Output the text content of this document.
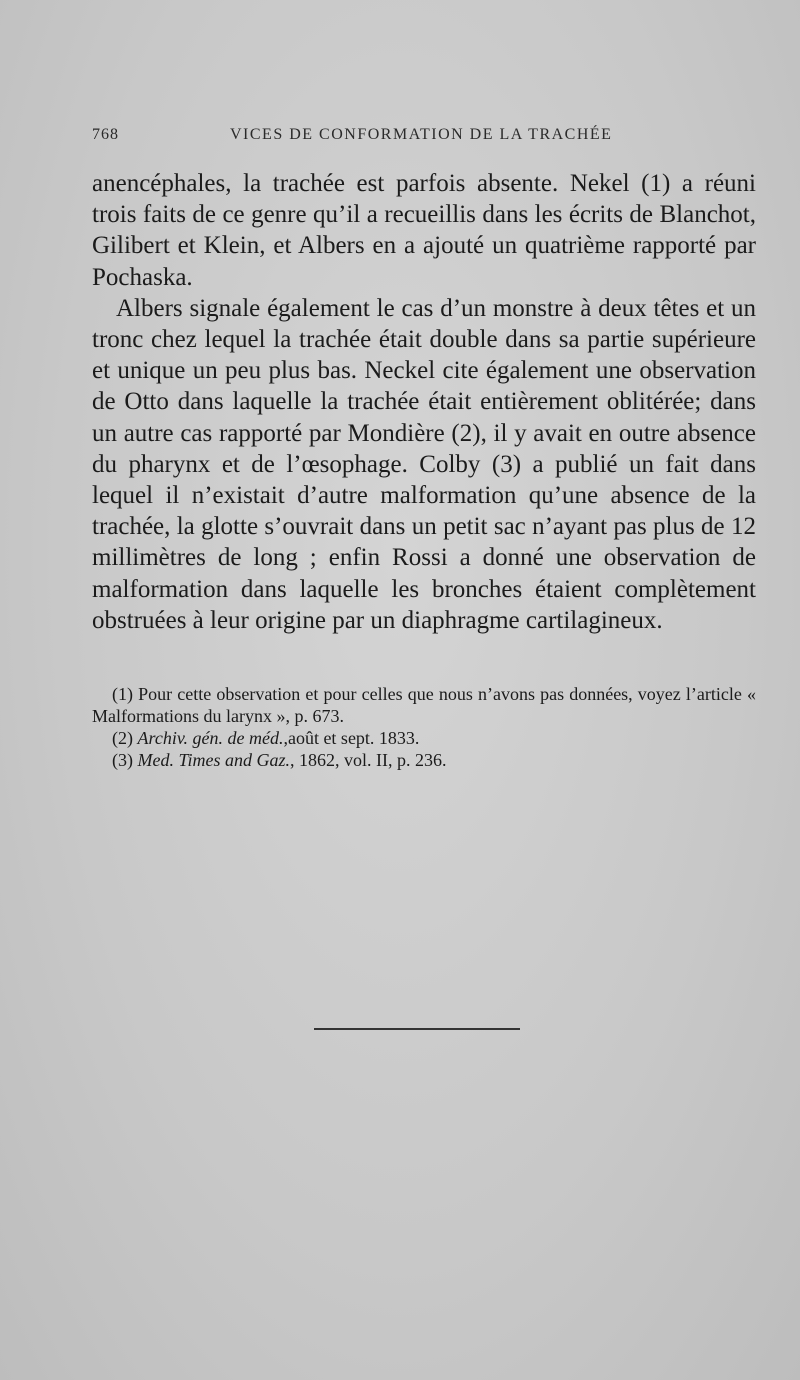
768	VICES DE CONFORMATION DE LA TRACHÉE

anencéphales, la trachée est parfois absente. Nekel (1) a réuni trois faits de ce genre qu’il a recueillis dans les écrits de Blanchot, Gilibert et Klein, et Albers en a ajouté un quatrième rapporté par Pochaska.

Albers signale également le cas d’un monstre à deux têtes et un tronc chez lequel la trachée était double dans sa partie supérieure et unique un peu plus bas. Neckel cite également une observation de Otto dans laquelle la trachée était entièrement oblitérée; dans un autre cas rapporté par Mondière (2), il y avait en outre absence du pharynx et de l’œsophage. Colby (3) a publié un fait dans lequel il n’existait d’autre malformation qu’une absence de la trachée, la glotte s’ouvrait dans un petit sac n’ayant pas plus de 12 millimètres de long ; enfin Rossi a donné une observation de malformation dans laquelle les bronches étaient complètement obstruées à leur origine par un diaphragme cartilagineux.

(1) Pour cette observation et pour celles que nous n’avons pas données, voyez l’article « Malformations du larynx », p. 673.

(2) Archiv. gén. de méd.,août et sept. 1833.

(3) Med. Times and Gaz., 1862, vol. II, p. 236.
